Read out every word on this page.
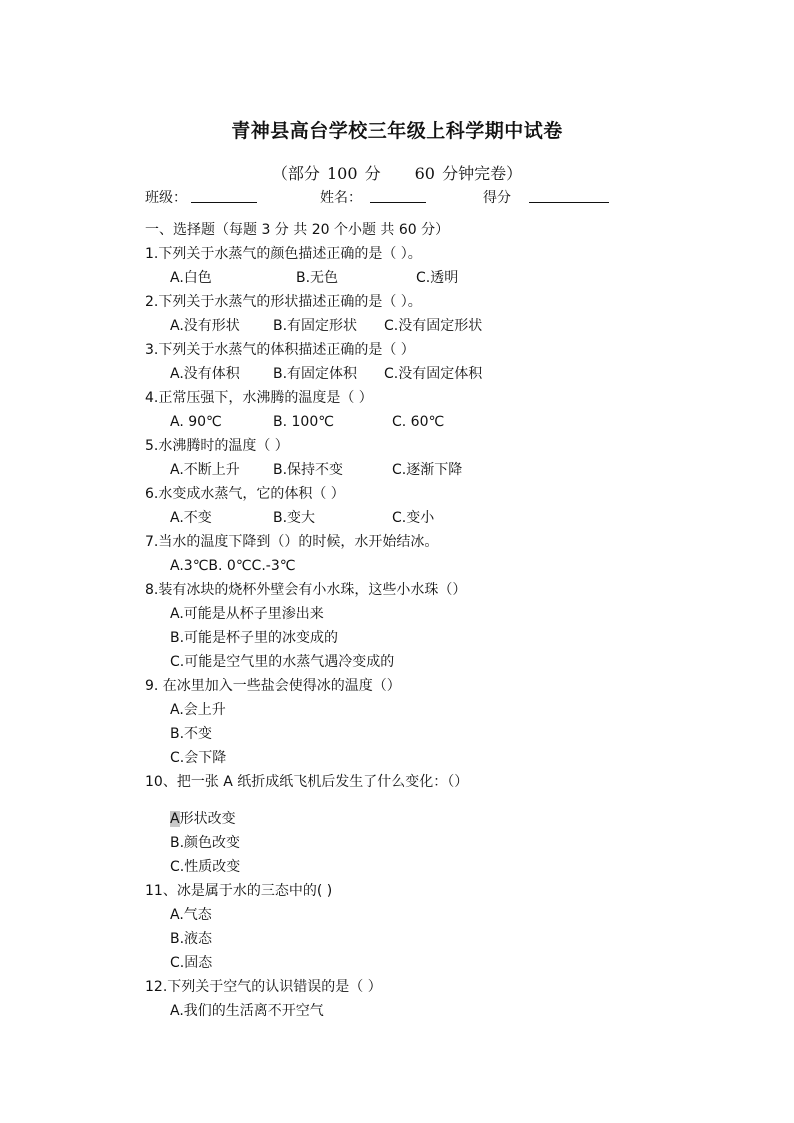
青神县高台学校三年级上科学期中试卷
（部分 100 分 60 分钟完卷）
班级：	姓名：	得分
一、选择题（每题 3 分 共 20 个小题 共 60 分）
1.下列关于水蒸气的颜色描述正确的是（ ）。
A.白色	B.无色	C.透明
2.下列关于水蒸气的形状描述正确的是（ ）。
A.没有形状 B.有固定形状 C.没有固定形状
3.下列关于水蒸气的体积描述正确的是（ ）
A.没有体积 B.有固定体积 C.没有固定体积
4.正常压强下，水沸腾的温度是（ ）
A. 90℃	B. 100℃	C. 60℃
5.水沸腾时的温度（ ）
A.不断上升 B.保持不变	C.逐渐下降
6.水变成水蒸气，它的体积（ ）
A.不变	B.变大	C.变小
7.当水的温度下降到（）的时候，水开始结冰。
A.3℃B. 0℃C.-3℃
8.装有冰块的烧杯外壁会有小水珠，这些小水珠（）
A.可能是从杯子里渗出来
B.可能是杯子里的冰变成的
C.可能是空气里的水蒸气遇冷变成的
9. 在冰里加入一些盐会使得冰的温度（）
A.会上升
B.不变
C.会下降
10、把一张 A 纸折成纸飞机后发生了什么变化：（）
A形状改变
B.颜色改变
C.性质改变
11、冰是属于水的三态中的( )
A.气态
B.液态
C.固态
12.下列关于空气的认识错误的是（ ）
A.我们的生活离不开空气
